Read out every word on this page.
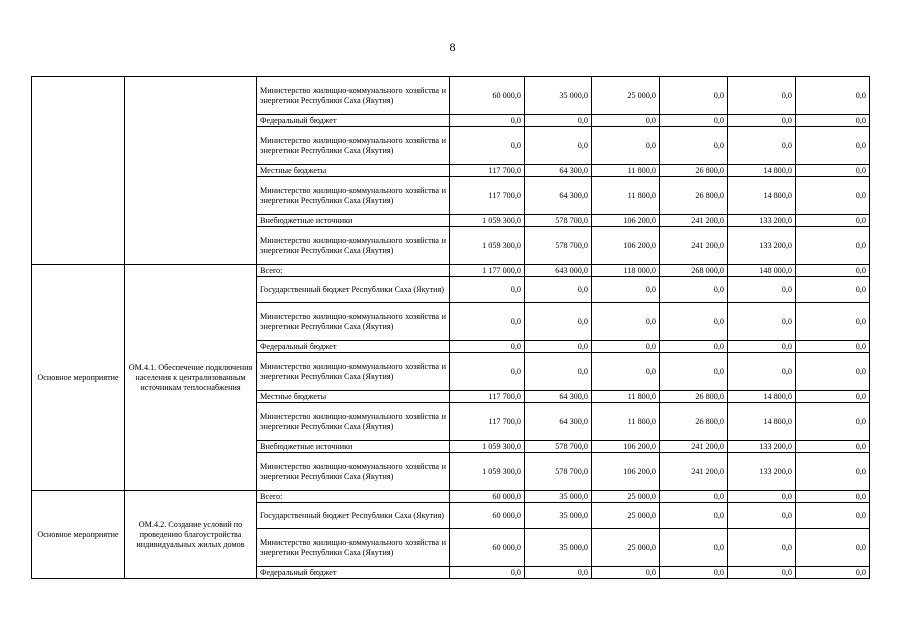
8
		Министерство жилищно-коммунального хозяйства и энергетики Республики Саха (Якутия)	60 000,0	35 000,0	25 000,0	0,0	0,0	0,0
		Федеральный бюджет	0,0	0,0	0,0	0,0	0,0	0,0
		Министерство жилищно-коммунального хозяйства и энергетики Республики Саха (Якутия)	0,0	0,0	0,0	0,0	0,0	0,0
		Местные бюджеты	117 700,0	64 300,0	11 800,0	26 800,0	14 800,0	0,0
		Министерство жилищно-коммунального хозяйства и энергетики Республики Саха (Якутия)	117 700,0	64 300,0	11 800,0	26 800,0	14 800,0	0,0
		Внебюджетные источники	1 059 300,0	578 700,0	106 200,0	241 200,0	133 200,0	0,0
		Министерство жилищно-коммунального хозяйства и энергетики Республики Саха (Якутия)	1 059 300,0	578 700,0	106 200,0	241 200,0	133 200,0	0,0
Основное мероприятие	ОМ.4.1. Обеспечение подключения населения к централизованным источникам теплоснабжения	Всего:	1 177 000,0	643 000,0	118 000,0	268 000,0	148 000,0	0,0
		Государственный бюджет Республики Саха (Якутия)	0,0	0,0	0,0	0,0	0,0	0,0
		Министерство жилищно-коммунального хозяйства и энергетики Республики Саха (Якутия)	0,0	0,0	0,0	0,0	0,0	0,0
		Федеральный бюджет	0,0	0,0	0,0	0,0	0,0	0,0
		Министерство жилищно-коммунального хозяйства и энергетики Республики Саха (Якутия)	0,0	0,0	0,0	0,0	0,0	0,0
		Местные бюджеты	117 700,0	64 300,0	11 800,0	26 800,0	14 800,0	0,0
		Министерство жилищно-коммунального хозяйства и энергетики Республики Саха (Якутия)	117 700,0	64 300,0	11 800,0	26 800,0	14 800,0	0,0
		Внебюджетные источники	1 059 300,0	578 700,0	106 200,0	241 200,0	133 200,0	0,0
		Министерство жилищно-коммунального хозяйства и энергетики Республики Саха (Якутия)	1 059 300,0	578 700,0	106 200,0	241 200,0	133 200,0	0,0
Основное мероприятие	ОМ.4.2. Создание условий по проведению благоустройства индивидуальных жилых домов	Всего:	60 000,0	35 000,0	25 000,0	0,0	0,0	0,0
		Государственный бюджет Республики Саха (Якутия)	60 000,0	35 000,0	25 000,0	0,0	0,0	0,0
		Министерство жилищно-коммунального хозяйства и энергетики Республики Саха (Якутия)	60 000,0	35 000,0	25 000,0	0,0	0,0	0,0
		Федеральный бюджет	0,0	0,0	0,0	0,0	0,0	0,0
